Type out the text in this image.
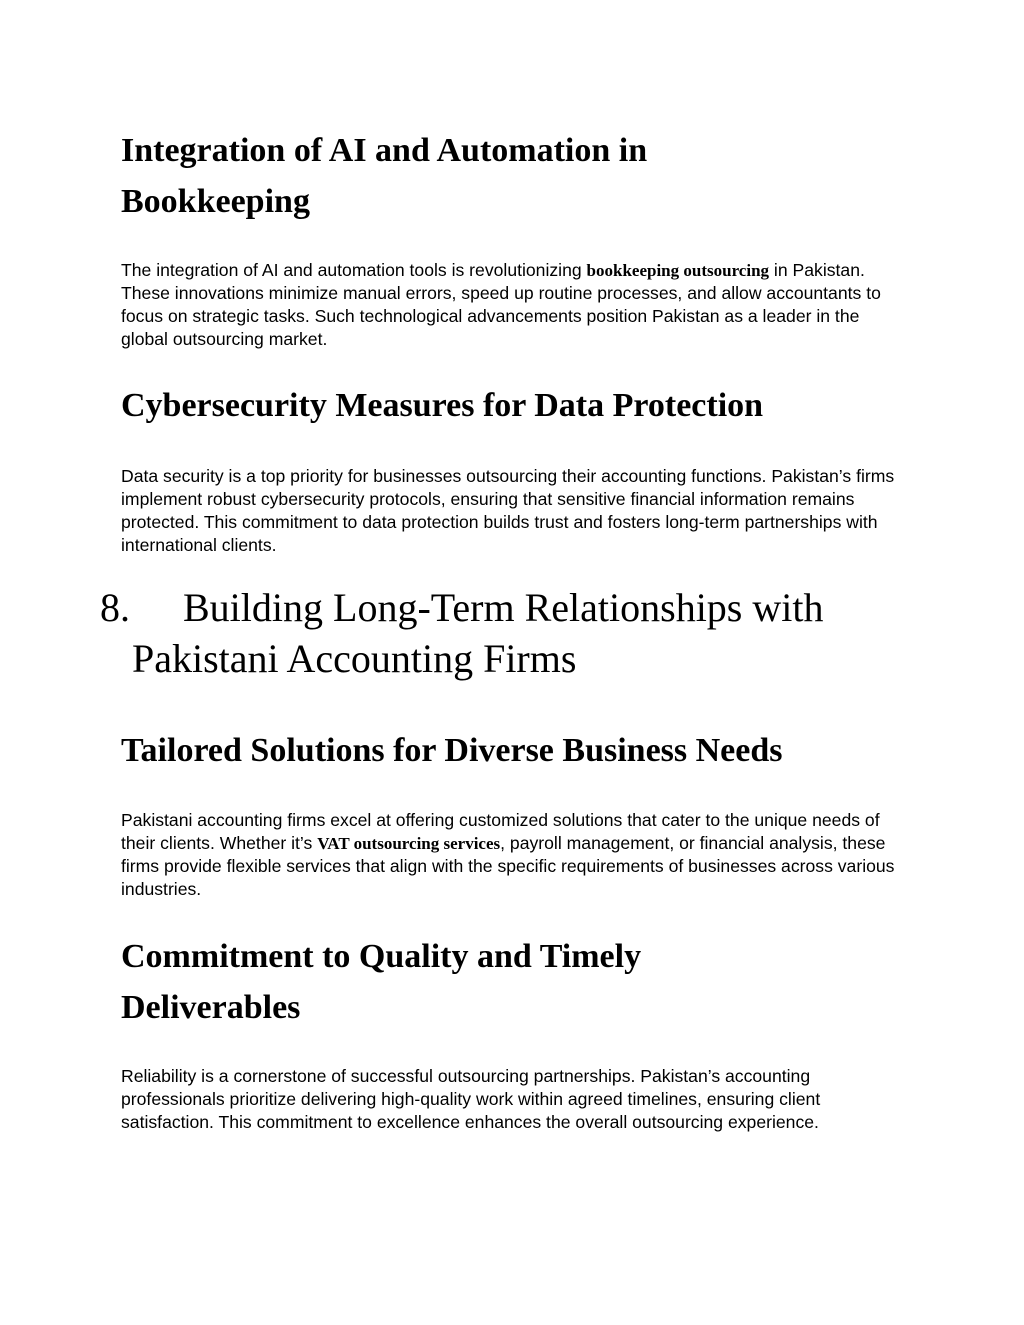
Integration of AI and Automation in
Bookkeeping

The integration of AI and automation tools is revolutionizing bookkeeping outsourcing in Pakistan. These innovations minimize manual errors, speed up routine processes, and allow accountants to focus on strategic tasks. Such technological advancements position Pakistan as a leader in the global outsourcing market.

Cybersecurity Measures for Data Protection

Data security is a top priority for businesses outsourcing their accounting functions. Pakistan’s firms implement robust cybersecurity protocols, ensuring that sensitive financial information remains protected. This commitment to data protection builds trust and fosters long-term partnerships with international clients.

8. Building Long-Term Relationships with
Pakistani Accounting Firms
Tailored Solutions for Diverse Business Needs

Pakistani accounting firms excel at offering customized solutions that cater to the unique needs of their clients. Whether it’s VAT outsourcing services, payroll management, or financial analysis, these firms provide flexible services that align with the specific requirements of businesses across various industries.

Commitment to Quality and Timely
Deliverables

Reliability is a cornerstone of successful outsourcing partnerships. Pakistan’s accounting professionals prioritize delivering high-quality work within agreed timelines, ensuring client satisfaction. This commitment to excellence enhances the overall outsourcing experience.
